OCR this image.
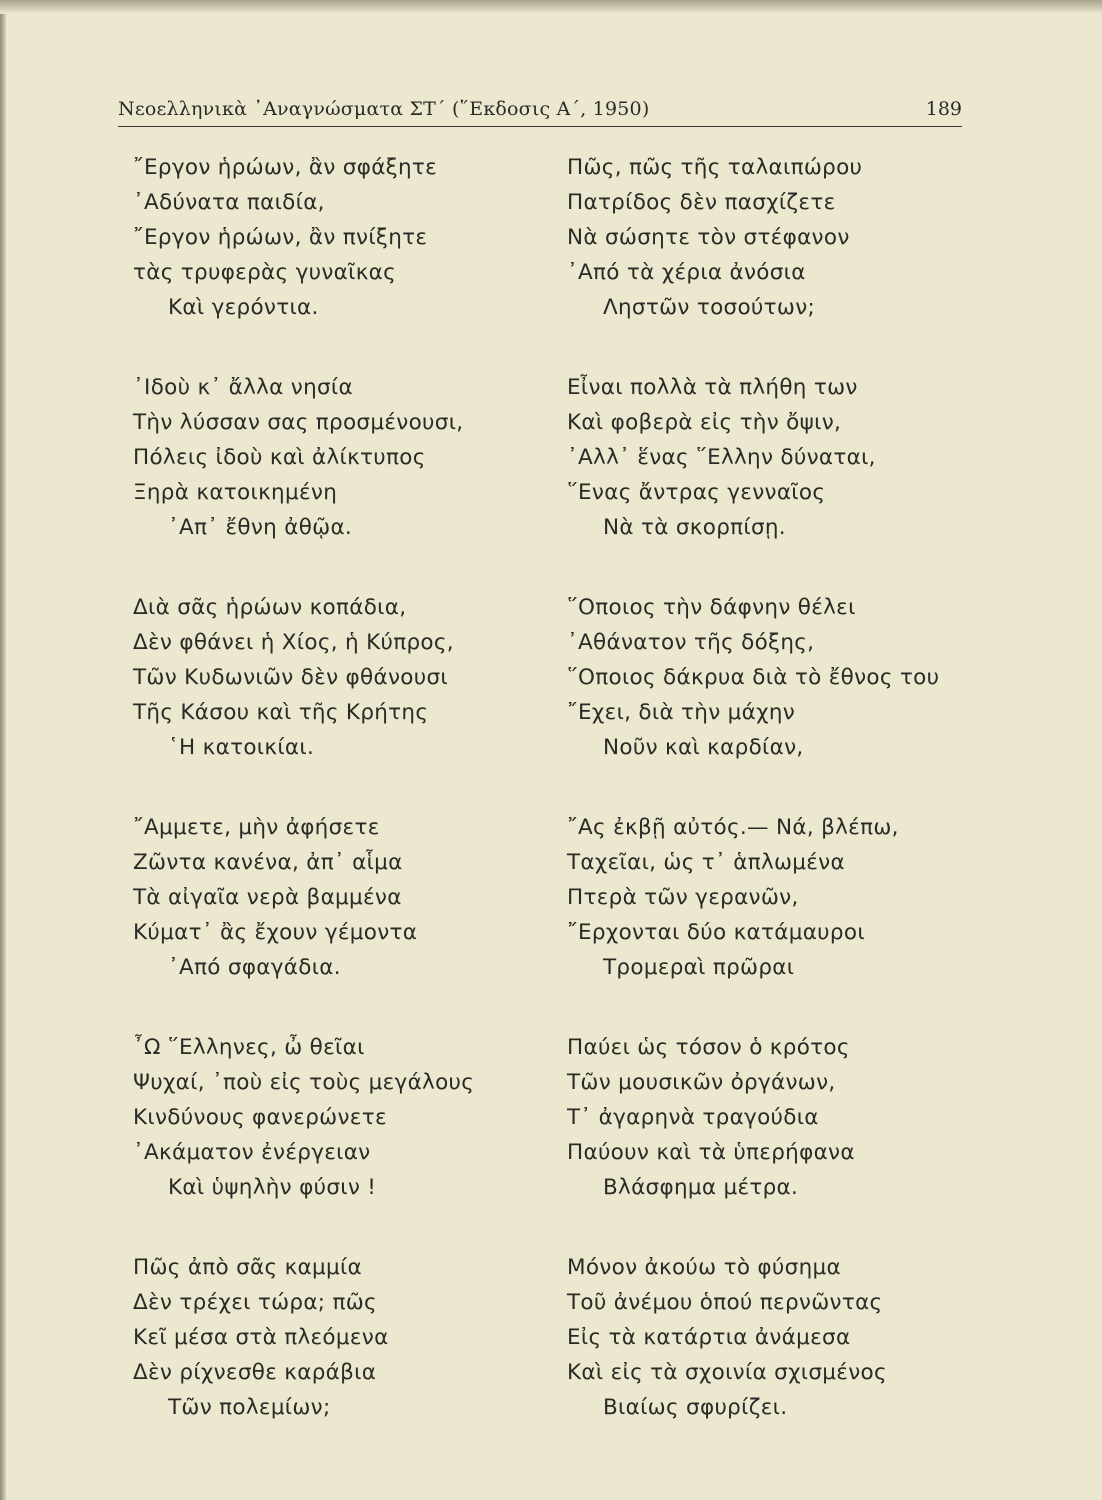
Νεοελληνικὰ ᾿Αναγνώσματα ΣΤ΄ (῞Εκδοσις Α΄, 1950)	189
῎Εργον ἡρώων, ἂν σφάξητε
᾿Αδύνατα παιδία,
῎Εργον ἡρώων, ἂν πνίξητε
τὰς τρυφερὰς γυναῖκας
Καὶ γερόντια.
᾿Ιδοὺ κ᾿ ἄλλα νησία
Τὴν λύσσαν σας προσμένουσι,
Πόλεις ἰδοὺ καὶ ἀλίκτυπος
Ξηρὰ κατοικημένη
᾿Απ᾿ ἔθνη ἀθῷα.
Διὰ σᾶς ἡρώων κοπάδια,
Δὲν φθάνει ἡ Χίος, ἡ Κύπρος,
Τῶν Κυδωνιῶν δὲν φθάνουσι
Τῆς Κάσου καὶ τῆς Κρήτης
῾Η κατοικίαι.
῎Αμμετε, μὴν ἀφήσετε
Ζῶντα κανένα, ἀπ᾿ αἷμα
Τὰ αἰγαῖα νερὰ βαμμένα
Κύματ᾿ ἂς ἔχουν γέμοντα
᾿Από σφαγάδια.
῏Ω ῞Ελληνες, ὦ θεῖαι
Ψυχαί, ᾿ποὺ εἰς τοὺς μεγάλους
Κινδύνους φανερώνετε
᾿Ακάματον ἐνέργειαν
Καὶ ὑψηλὴν φύσιν !
Πῶς ἀπὸ σᾶς καμμία
Δὲν τρέχει τώρα; πῶς
Κεῖ μέσα στὰ πλεόμενα
Δὲν ρίχνεσθε καράβια
Τῶν πολεμίων;
Πῶς, πῶς τῆς ταλαιπώρου
Πατρίδος δὲν πασχίζετε
Νὰ σώσητε τὸν στέφανον
᾿Από τὰ χέρια ἀνόσια
Ληστῶν τοσούτων;
Εἶναι πολλὰ τὰ πλήθη των
Καὶ φοβερὰ εἰς τὴν ὄψιν,
᾿Αλλ᾿ ἕνας ῞Ελλην δύναται,
῞Ενας ἄντρας γενναῖος
Νὰ τὰ σκορπίσῃ.
῞Οποιος τὴν δάφνην θέλει
᾿Αθάνατον τῆς δόξης,
῞Οποιος δάκρυα διὰ τὸ ἔθνος του
῎Εχει, διὰ τὴν μάχην
Νοῦν καὶ καρδίαν,
῎Ας ἐκβῇ αὐτός.— Νά, βλέπω,
Ταχεῖαι, ὡς τ᾿ ἁπλωμένα
Πτερὰ τῶν γερανῶν,
῎Ερχονται δύο κατάμαυροι
Τρομεραὶ πρῶραι
Παύει ὡς τόσον ὁ κρότος
Τῶν μουσικῶν ὀργάνων,
Τ᾿ ἀγαρηνὰ τραγούδια
Παύουν καὶ τὰ ὑπερήφανα
Βλάσφημα μέτρα.
Μόνον ἀκούω τὸ φύσημα
Τοῦ ἀνέμου ὁπού περνῶντας
Εἰς τὰ κατάρτια ἀνάμεσα
Καὶ εἰς τὰ σχοινία σχισμένος
Βιαίως σφυρίζει.
